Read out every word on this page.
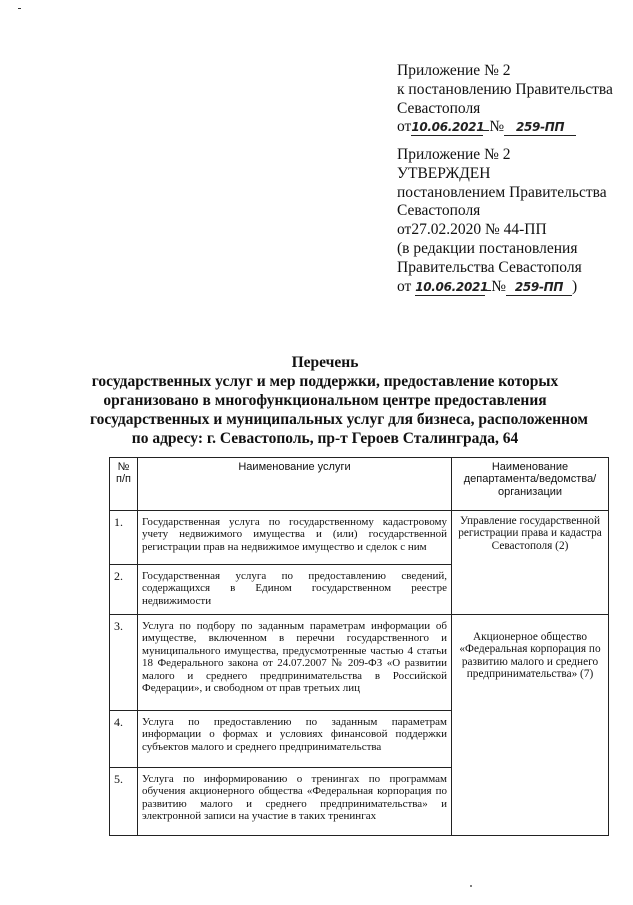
Приложение № 2
к постановлению Правительства
Севастополя
от10.06.2021 № 259-ПП
Приложение № 2
УТВЕРЖДЕН
постановлением Правительства
Севастополя
от27.02.2020 № 44-ПП
(в редакции постановления
Правительства Севастополя
от 10.06.2021 № 259-ПП )
Перечень
государственных услуг и мер поддержки, предоставление которых
организовано в многофункциональном центре предоставления
государственных и муниципальных услуг для бизнеса, расположенном
по адресу: г. Севастополь, пр-т Героев Сталинграда, 64
№ п/п	Наименование услуги	Наименование департамента/ведомства/ организации
1.	Государственная услуга по государственному кадастровому учету недвижимого имущества и (или) государственной регистрации прав на недвижимое имущество и сделок с ним	Управление государственной регистрации права и кадастра Севастополя (2)
2.	Государственная услуга по предоставлению сведений, содержащихся в Едином государственном реестре недвижимости	
3.	Услуга по подбору по заданным параметрам информации об имуществе, включенном в перечни государственного и муниципального имущества, предусмотренные частью 4 статьи 18 Федерального закона от 24.07.2007 № 209-ФЗ «О развитии малого и среднего предпринимательства в Российской Федерации», и свободном от прав третьих лиц	Акционерное общество «Федеральная корпорация по развитию малого и среднего предпринимательства» (7)
4.	Услуга по предоставлению по заданным параметрам информации о формах и условиях финансовой поддержки субъектов малого и среднего предпринимательства	
5.	Услуга по информированию о тренингах по программам обучения акционерного общества «Федеральная корпорация по развитию малого и среднего предпринимательства» и электронной записи на участие в таких тренингах	
